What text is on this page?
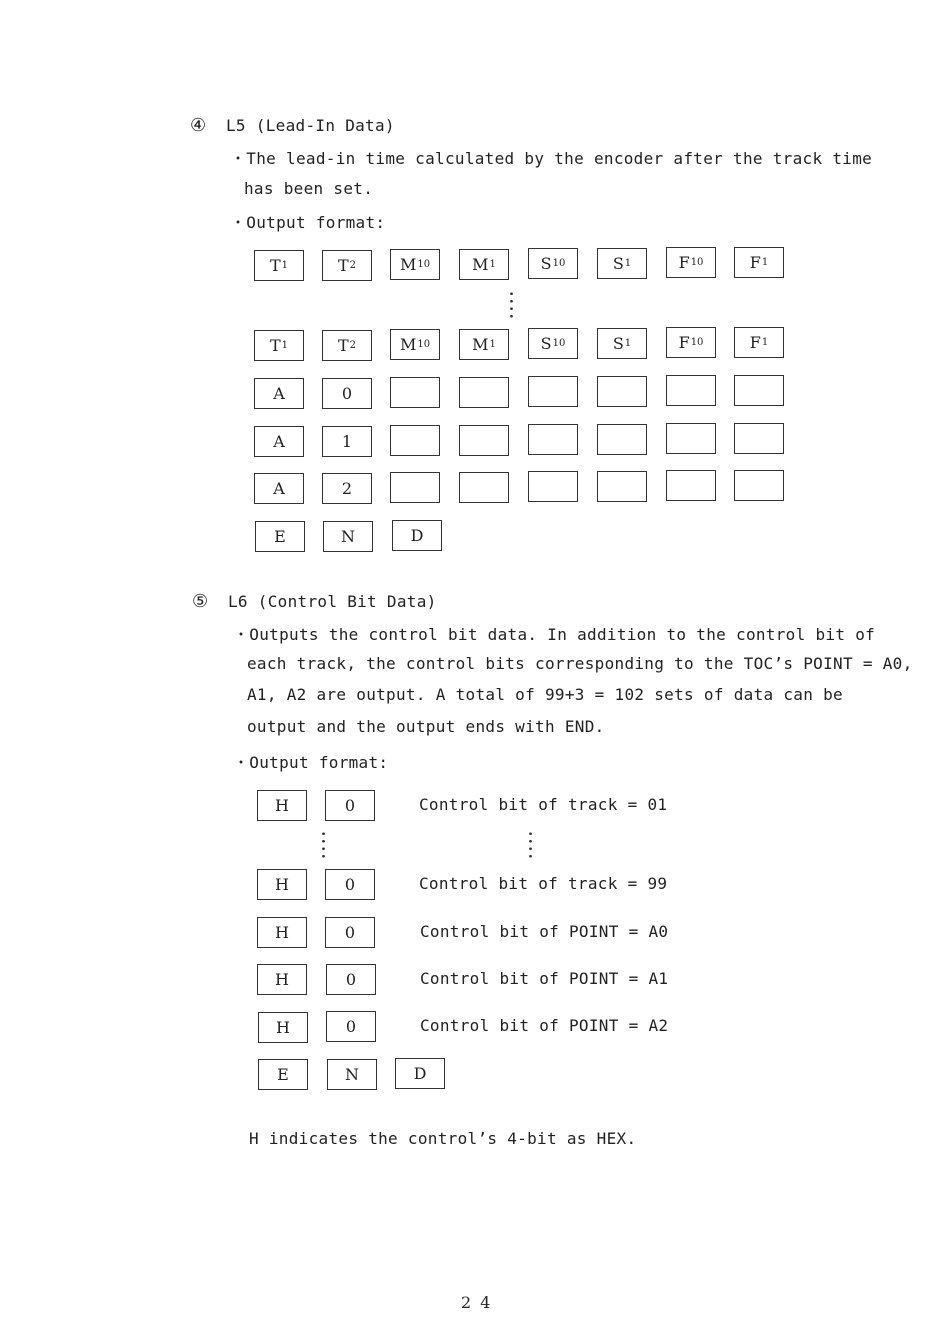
④ L5 (Lead-In Data)
・The lead-in time calculated by the encoder after the track time
has been set.
・Output format:
T 1	T 2	M 10	M 1	S 10	S 1	F 10	F 1
T 1	T 2	M 10	M 1	S 10	S 1	F 10	F 1
A	0
A	1
A	2
E	N	D
⑤ L6 (Control Bit Data)
・Outputs the control bit data. In addition to the control bit of
each track, the control bits corresponding to the TOC’s POINT = A0,
A1, A2 are output. A total of 99+3 = 102 sets of data can be
output and the output ends with END.
・Output format:
H	0	Control bit of track = 01
H	0	Control bit of track = 99
H	0	Control bit of POINT = A0
H	0	Control bit of POINT = A1
H	0	Control bit of POINT = A2
E	N	D
H indicates the control’s 4-bit as HEX.
2 4
